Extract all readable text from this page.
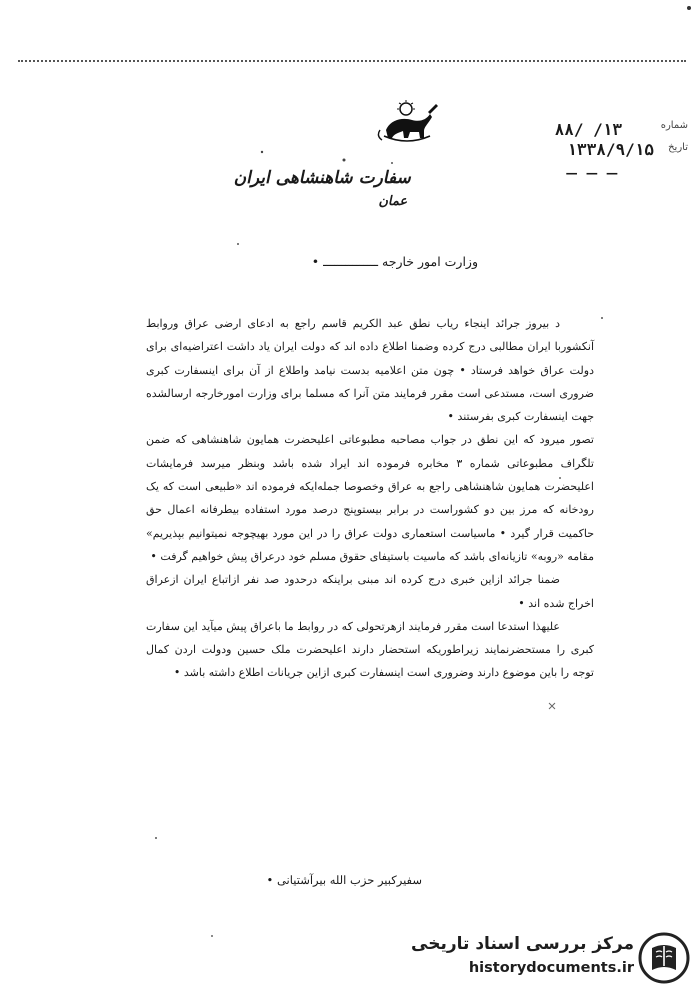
سفارت شاهنشاهی ایران
عمان
۸۸/ /۱۳	شماره
۱۳۳۸/۹/۱۵ تاریخ
— — —
وزارت امور خارجه ـــــــــــــــ •

د بیروز جرائد اینجاء ریاب نطق عبد الکریم قاسم راجع به ادعای ارضی عراق وروابط آنکشوربا ایران مطالبی درج کرده وضمنا اطلاع داده اند که دولت ایران یاد داشت اعتراضیه‌ای برای دولت عراق خواهد فرستاد • چون متن اعلامیه بدست نیامد واطلاع از آن برای اینسفارت کبری ضروری است، مستدعی است مقرر فرمایند متن آنرا که مسلما برای وزارت امورخارجه ارسالشده جهت اینسفارت کبری بفرستند •

تصور میرود که این نطق در جواب مصاحبه مطبوعاتی اعلیحضرت همایون شاهنشاهی که ضمن تلگراف مطبوعاتی شماره ۳ مخابره فرموده اند ایراد شده باشد وبنظر میرسد فرمایشات اعلیحضرت همایون شاهنشاهی راجع به عراق وخصوصا جمله‌ایکه فرموده اند «طبیعی است که یک رودخانه که مرز بین دو کشوراست در برابر بیستوپنج درصد مورد استفاده بیطرفانه اعمال حق حاکمیت قرار گیرد • ماسیاست استعماری دولت عراق را در این مورد بهیچوجه نمیتوانیم بپذیریم» مقامه «روبه» تازیانه‌ای باشد که ماسیت باستیفای حقوق مسلم خود درعراق پیش خواهیم گرفت •

ضمنا جرائد ازاین خبری درج کرده اند مبنی براینکه درحدود صد نفر ازاتباع ایران ازعراق اخراج شده اند •

علیهذا استدعا است مقرر فرمایند ازهرتحولی که در روابط ما باعراق پیش میآید این سفارت کبری را مستحضرنمایند زیراطوریکه استحضار دارند اعلیحضرت ملک حسین ودولت اردن کمال توجه را باین موضوع دارند وضروری است اینسفارت کبری ازاین جریانات اطلاع داشته باشد •

سفیرکبیر حزب الله بیرآشتیانی •
مرکز بررسی اسناد تاریخی
historydocuments.ir
